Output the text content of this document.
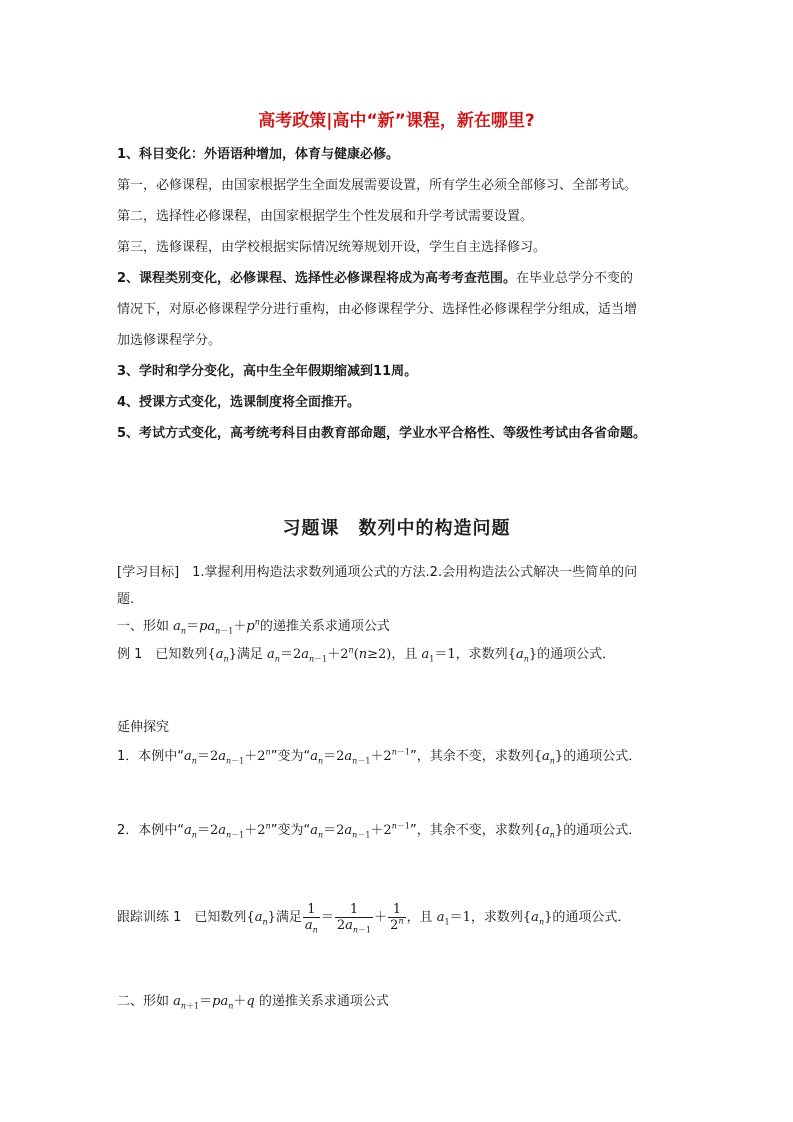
高考政策|高中“新”课程，新在哪里?
1、科目变化：外语语种增加，体育与健康必修。
第一，必修课程，由国家根据学生全面发展需要设置，所有学生必须全部修习、全部考试。
第二，选择性必修课程，由国家根据学生个性发展和升学考试需要设置。
第三，选修课程，由学校根据实际情况统筹规划开设，学生自主选择修习。
2、课程类别变化，必修课程、选择性必修课程将成为高考考查范围。在毕业总学分不变的
情况下，对原必修课程学分进行重构，由必修课程学分、选择性必修课程学分组成，适当增
加选修课程学分。
3、学时和学分变化，高中生全年假期缩减到11周。
4、授课方式变化，选课制度将全面推开。
5、考试方式变化，高考统考科目由教育部命题，学业水平合格性、等级性考试由各省命题。
习题课　数列中的构造问题
[学习目标]　1.掌握利用构造法求数列通项公式的方法.2.会用构造法公式解决一些简单的问
题.
一、形如 $a_n=pa_{n-1}+p^n$的递推关系求通项公式
例 1　已知数列$\{a_n\}$满足 $a_n=2a_{n-1}+2^n(n\ge 2)$，且 $a_1=1$，求数列$\{a_n\}$的通项公式．
延伸探究
1．本例中“$a_n=2a_{n-1}+2^n$”变为“$a_n=2a_{n-1}+2^{n-1}$”，其余不变，求数列$\{a_n\}$的通项公式．
2．本例中“$a_n=2a_{n-1}+2^n$”变为“$a_n=2a_{n-1}+2^{n-1}$”，其余不变，求数列$\{a_n\}$的通项公式．
跟踪训练 1　已知数列$\{a_n\}$满足 $\frac{1}{a_n} = \frac{1}{2a_{n-1}} + \frac{1}{2^n}$ ，且 $a_1=1$，求数列$\{a_n\}$的通项公式．
二、形如 $a_{n+1}=pa_n+q$ 的递推关系求通项公式
